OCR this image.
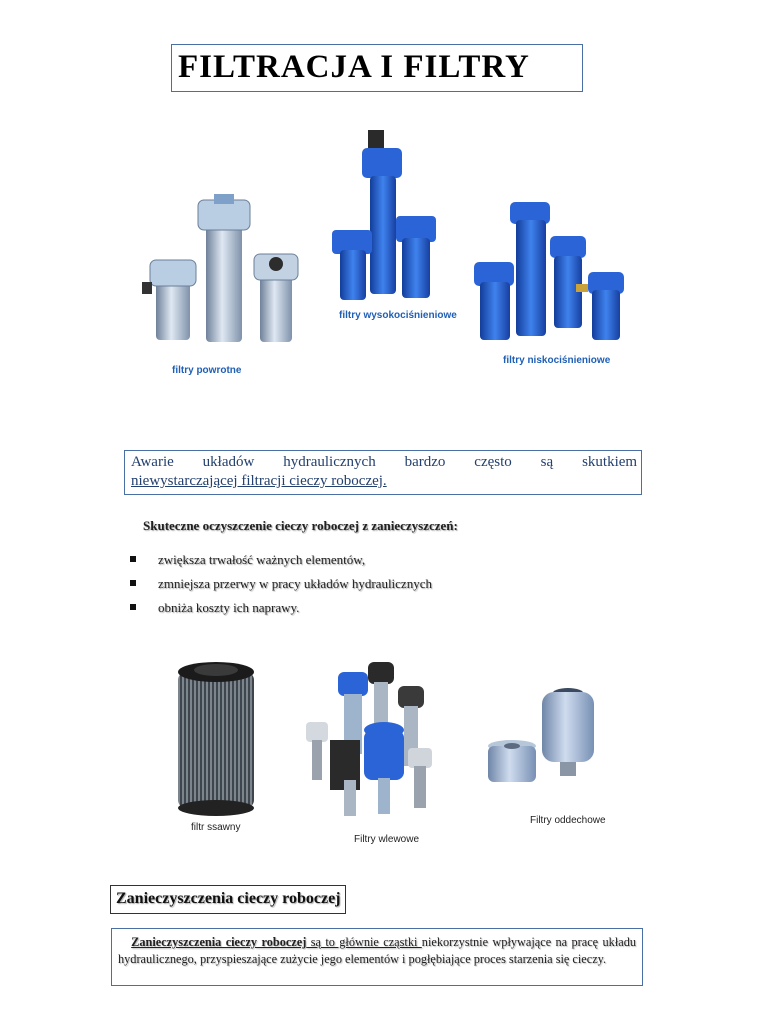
FILTRACJA I FILTRY
filtry powrotne
filtry wysokociśnieniowe
filtry niskociśnieniowe
Awarie układów hydraulicznych bardzo często są skutkiem
niewystarczającej filtracji cieczy roboczej.
Skuteczne oczyszczenie cieczy roboczej z zanieczyszczeń:
zwiększa trwałość ważnych elementów,
zmniejsza przerwy w pracy układów hydraulicznych
obniża koszty ich naprawy.
filtr ssawny
Filtry wlewowe
Filtry oddechowe
Zanieczyszczenia cieczy roboczej

Zanieczyszczenia cieczy roboczej są to głównie cząstki niekorzystnie wpływające na pracę układu hydraulicznego, przyspieszające zużycie jego elementów i pogłębiające proces starzenia się cieczy.
